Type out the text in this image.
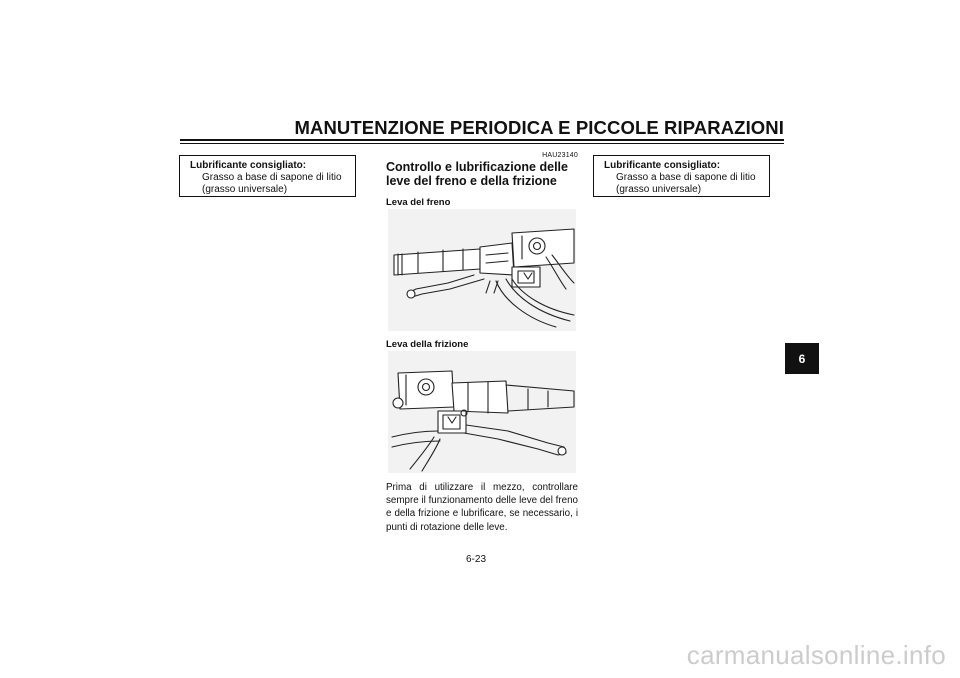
MANUTENZIONE PERIODICA E PICCOLE RIPARAZIONI
Lubrificante consigliato:
Grasso a base di sapone di litio
(grasso universale)
HAU23140
Controllo e lubrificazione delle leve del freno e della frizione
Leva del freno
Leva della frizione
Prima di utilizzare il mezzo, controllare sempre il funzionamento delle leve del freno e della frizione e lubrificare, se necessario, i punti di rotazione delle leve.
Lubrificante consigliato:
Grasso a base di sapone di litio
(grasso universale)
6-23
6
carmanualsonline.info
